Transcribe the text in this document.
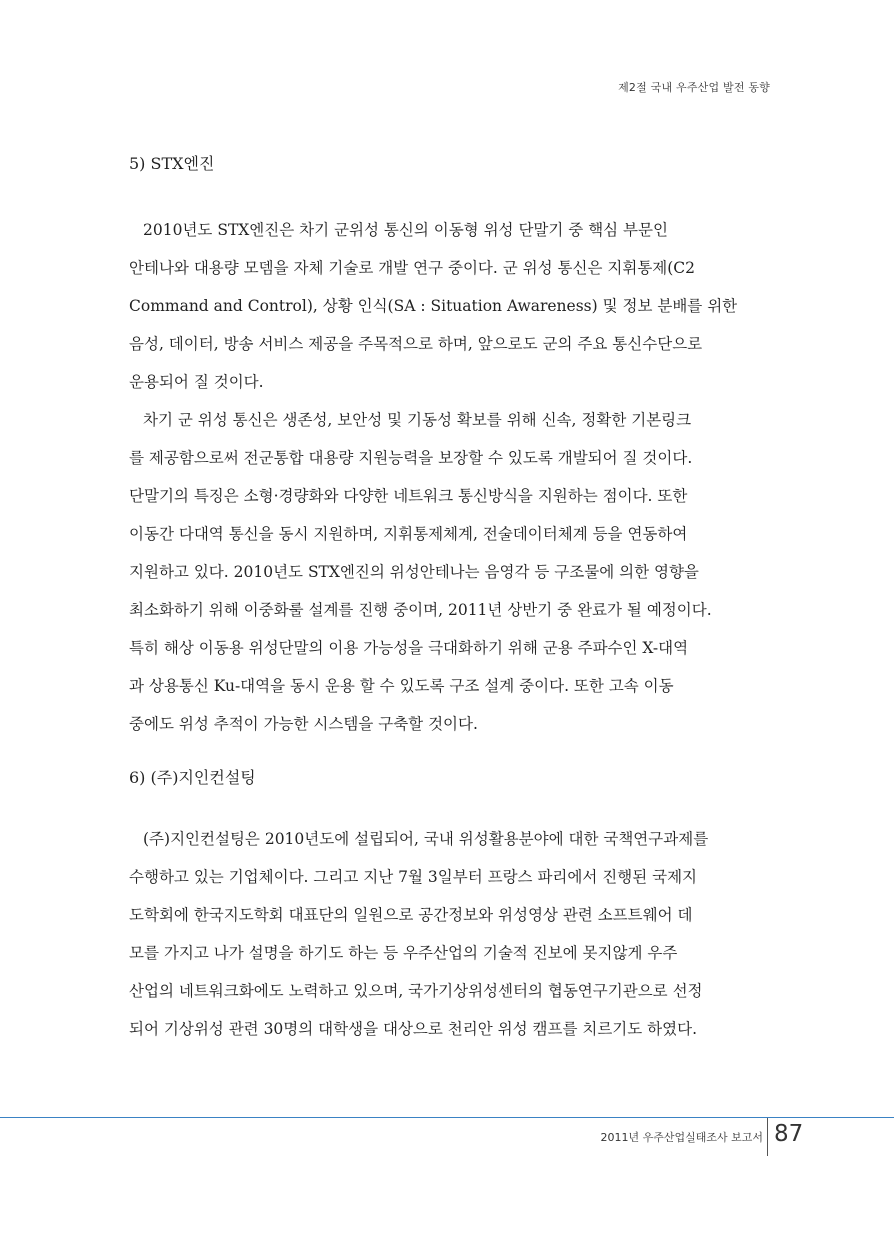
제2절 국내 우주산업 발전 동향
5) STX엔진
2010년도 STX엔진은 차기 군위성 통신의 이동형 위성 단말기 중 핵심 부문인
안테나와 대용량 모뎀을 자체 기술로 개발 연구 중이다. 군 위성 통신은 지휘통제(C2
Command and Control), 상황 인식(SA : Situation Awareness) 및 정보 분배를 위한
음성, 데이터, 방송 서비스 제공을 주목적으로 하며, 앞으로도 군의 주요 통신수단으로
운용되어 질 것이다.
차기 군 위성 통신은 생존성, 보안성 및 기동성 확보를 위해 신속, 정확한 기본링크
를 제공함으로써 전군통합 대용량 지원능력을 보장할 수 있도록 개발되어 질 것이다.
단말기의 특징은 소형·경량화와 다양한 네트워크 통신방식을 지원하는 점이다. 또한
이동간 다대역 통신을 동시 지원하며, 지휘통제체계, 전술데이터체계 등을 연동하여
지원하고 있다. 2010년도 STX엔진의 위성안테나는 음영각 등 구조물에 의한 영향을
최소화하기 위해 이중화룰 설계를 진행 중이며, 2011년 상반기 중 완료가 될 예정이다.
특히 해상 이동용 위성단말의 이용 가능성을 극대화하기 위해 군용 주파수인 X-대역
과 상용통신 Ku-대역을 동시 운용 할 수 있도록 구조 설계 중이다. 또한 고속 이동
중에도 위성 추적이 가능한 시스템을 구축할 것이다.
6) (주)지인컨설팅
(주)지인컨설팅은 2010년도에 설립되어, 국내 위성활용분야에 대한 국책연구과제를
수행하고 있는 기업체이다. 그리고 지난 7월 3일부터 프랑스 파리에서 진행된 국제지
도학회에 한국지도학회 대표단의 일원으로 공간정보와 위성영상 관련 소프트웨어 데
모를 가지고 나가 설명을 하기도 하는 등 우주산업의 기술적 진보에 못지않게 우주
산업의 네트워크화에도 노력하고 있으며, 국가기상위성센터의 협동연구기관으로 선정
되어 기상위성 관련 30명의 대학생을 대상으로 천리안 위성 캠프를 치르기도 하였다.
2011년 우주산업실태조사 보고서 87
